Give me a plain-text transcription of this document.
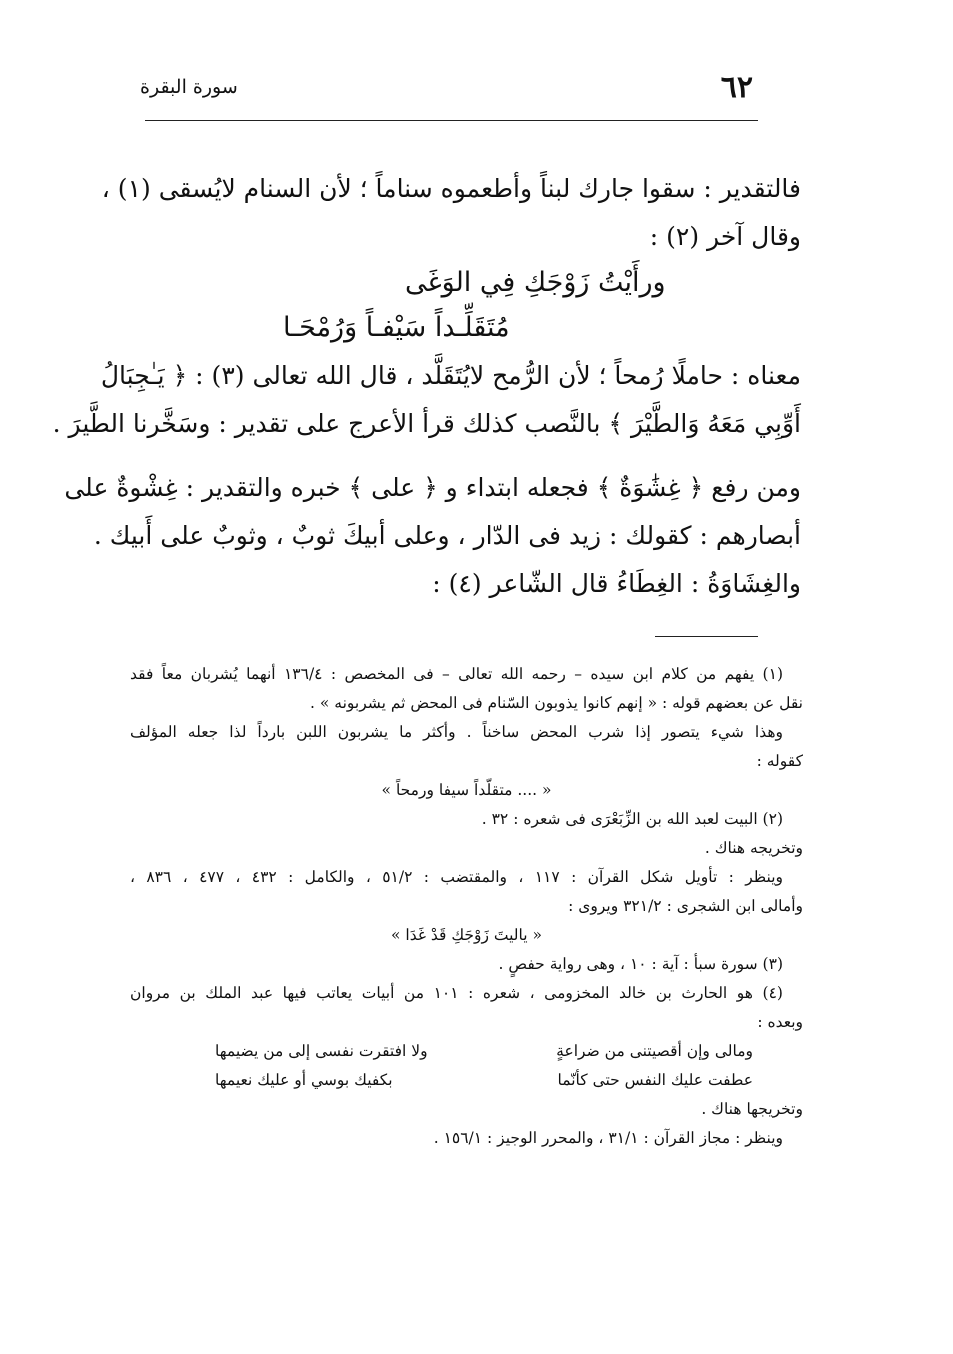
٦٢
سورة البقرة
فالتقدير : سقوا جارك لبناً وأطعموه سناماً ؛ لأن السنام لايُسقى (١) ،
وقال آخر (٢) :
ورأَيْتُ زَوْجَكِ فِي الوَغَى
مُتَقَلِّـداً سَيْفـاً وَرُمْحَـا
معناه : حاملًا رُمحاً ؛ لأن الرُّمح لايُتَقَلَّد ، قال الله تعالى (٣) : ﴿ يَـٰجِبَالُ
أَوِّبِي مَعَهُ وَالطَّيْرَ ﴾ بالنَّصب كذلك قرأ الأعرج على تقدير : وسَخَّرنا الطَّيرَ .
ومن رفع ﴿ غِشَٰوَةٌ ﴾ فجعله ابتداء و ﴿ على ﴾ خبره والتقدير : غِشْوةٌ على
أبصارهم : كقولك : زيد فى الدّار ، وعلى أبيكَ ثوبٌ ، وثوبٌ على أَبيك .
والغِشَاوَةُ : الغِطَاءُ قال الشّاعر (٤) :
(١) يفهم من كلام ابن سيده – رحمه الله تعالى – فى المخصص : ١٣٦/٤ أنهما يُشربان معاً فقد
نقل عن بعضهم قوله : « إنهم كانوا يذوبون السّنام فى المحض ثم يشربونه » .
وهذا شيء يتصور إذا شرب المحض ساخناً . وأكثر ما يشربون اللبن بارداً لذا جعله المؤلف
كقوله :
« .... متقلّداً سيفا ورمحاً »
(٢) البيت لعبد الله بن الزِّبَعْرَى فى شعره : ٣٢ .
وتخريجه هناك .
وينظر : تأويل شكل القرآن : ١١٧ ، والمقتضب : ٥١/٢ ، والكامل : ٤٣٢ ، ٤٧٧ ، ٨٣٦ ،
وأمالى ابن الشجرى : ٣٢١/٢ ويروى :
« ياليتَ زَوْجَكِ قَدْ غَدَا »
(٣) سورة سبأ : آية : ١٠ ، وهى رواية حفصٍ .
(٤) هو الحارث بن خالد المخزومى ، شعره : ١٠١ من أبيات يعاتب فيها عبد الملك بن مروان
وبعده :
ومالى وإن أقصيتنى من ضراعةٍ
ولا افتقرت نفسى إلى من يضيمها
عطفت عليك النفس حتى كأنّما
بكفيك بوسي أو عليك نعيمها
وتخريجها هناك .
وينظر : مجاز القرآن : ٣١/١ ، والمحرر الوجيز : ١٥٦/١ .
